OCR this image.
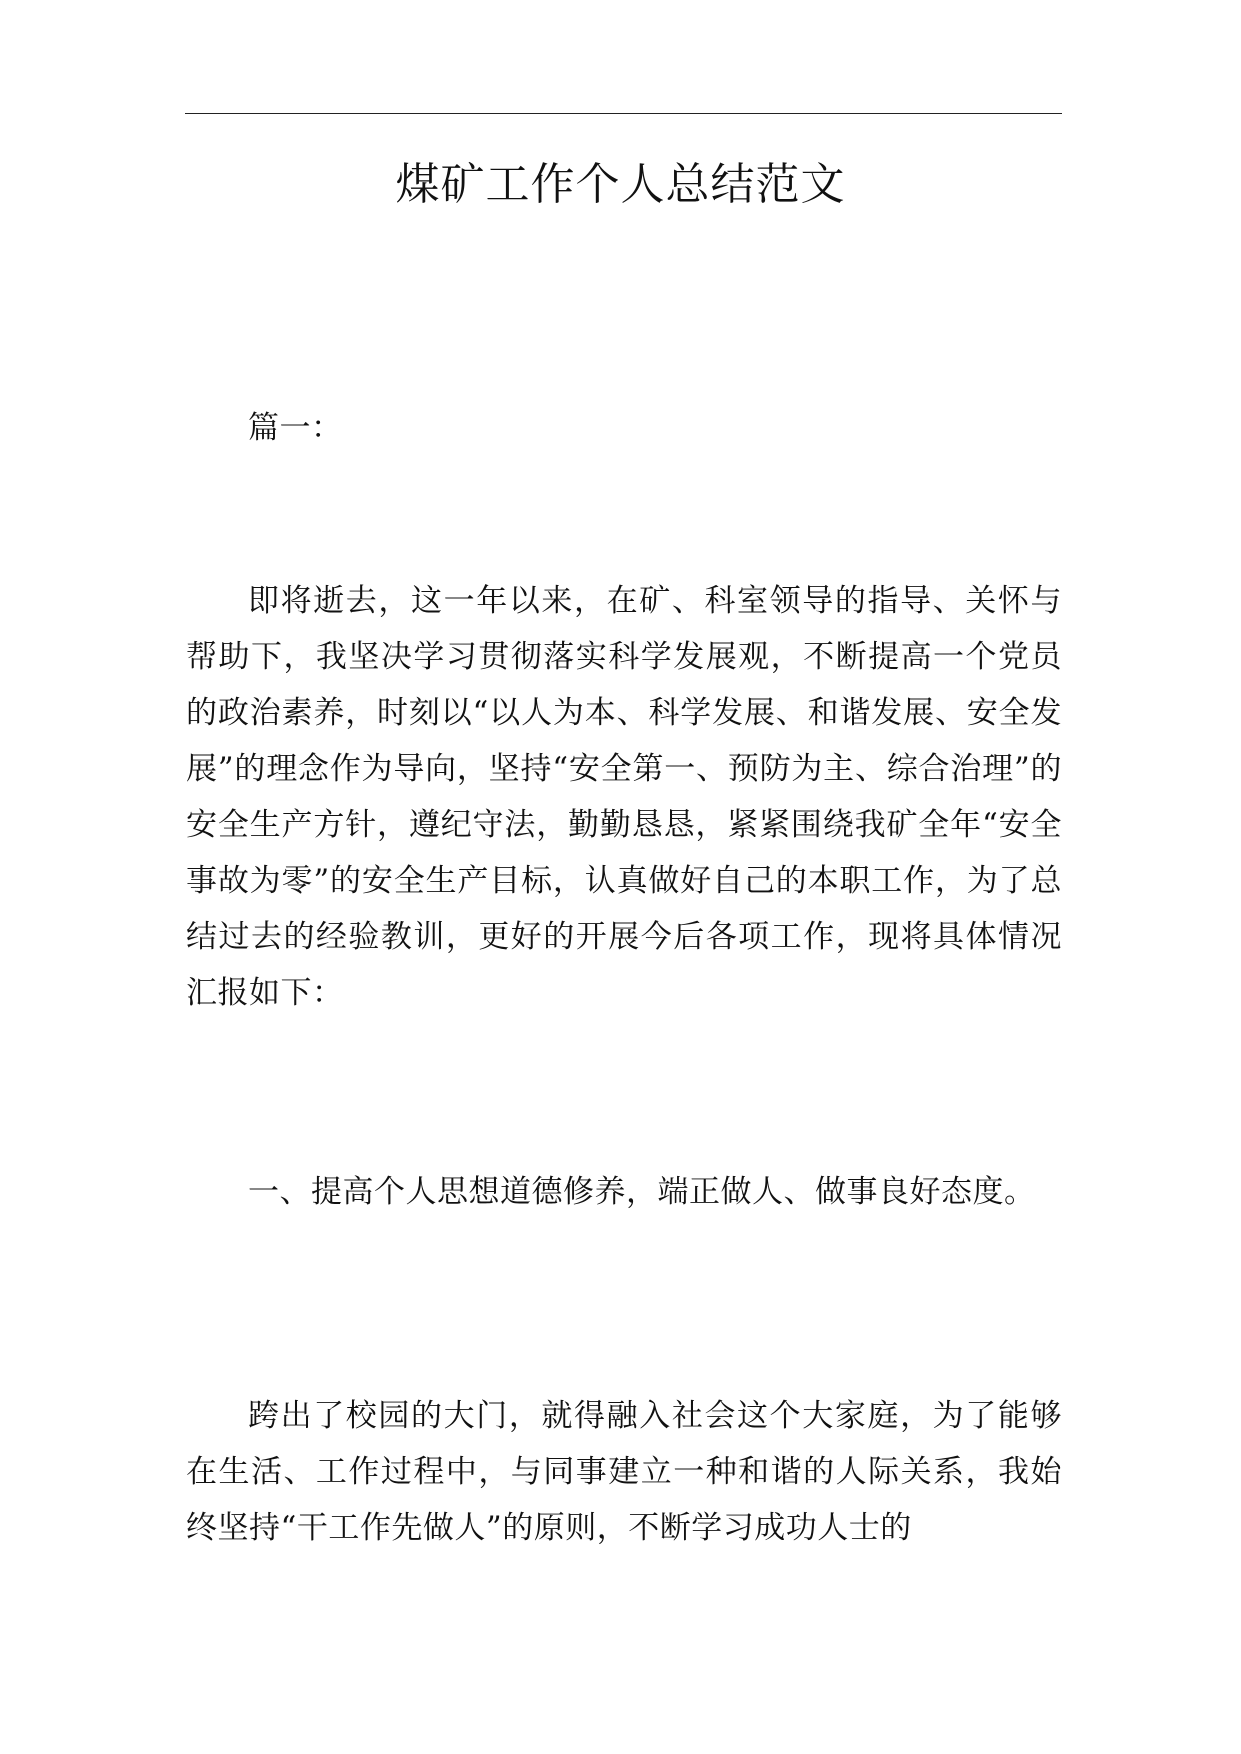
煤矿工作个人总结范文

篇一：

即将逝去，这一年以来，在矿、科室领导的指导、关怀与帮助下，我坚决学习贯彻落实科学发展观，不断提高一个党员的政治素养，时刻以“以人为本、科学发展、和谐发展、安全发展”的理念作为导向，坚持“安全第一、预防为主、综合治理”的安全生产方针，遵纪守法，勤勤恳恳，紧紧围绕我矿全年“安全事故为零”的安全生产目标，认真做好自己的本职工作，为了总结过去的经验教训，更好的开展今后各项工作，现将具体情况汇报如下：

一、提高个人思想道德修养，端正做人、做事良好态度。

跨出了校园的大门，就得融入社会这个大家庭，为了能够在生活、工作过程中，与同事建立一种和谐的人际关系，我始终坚持“干工作先做人”的原则，不断学习成功人士的
